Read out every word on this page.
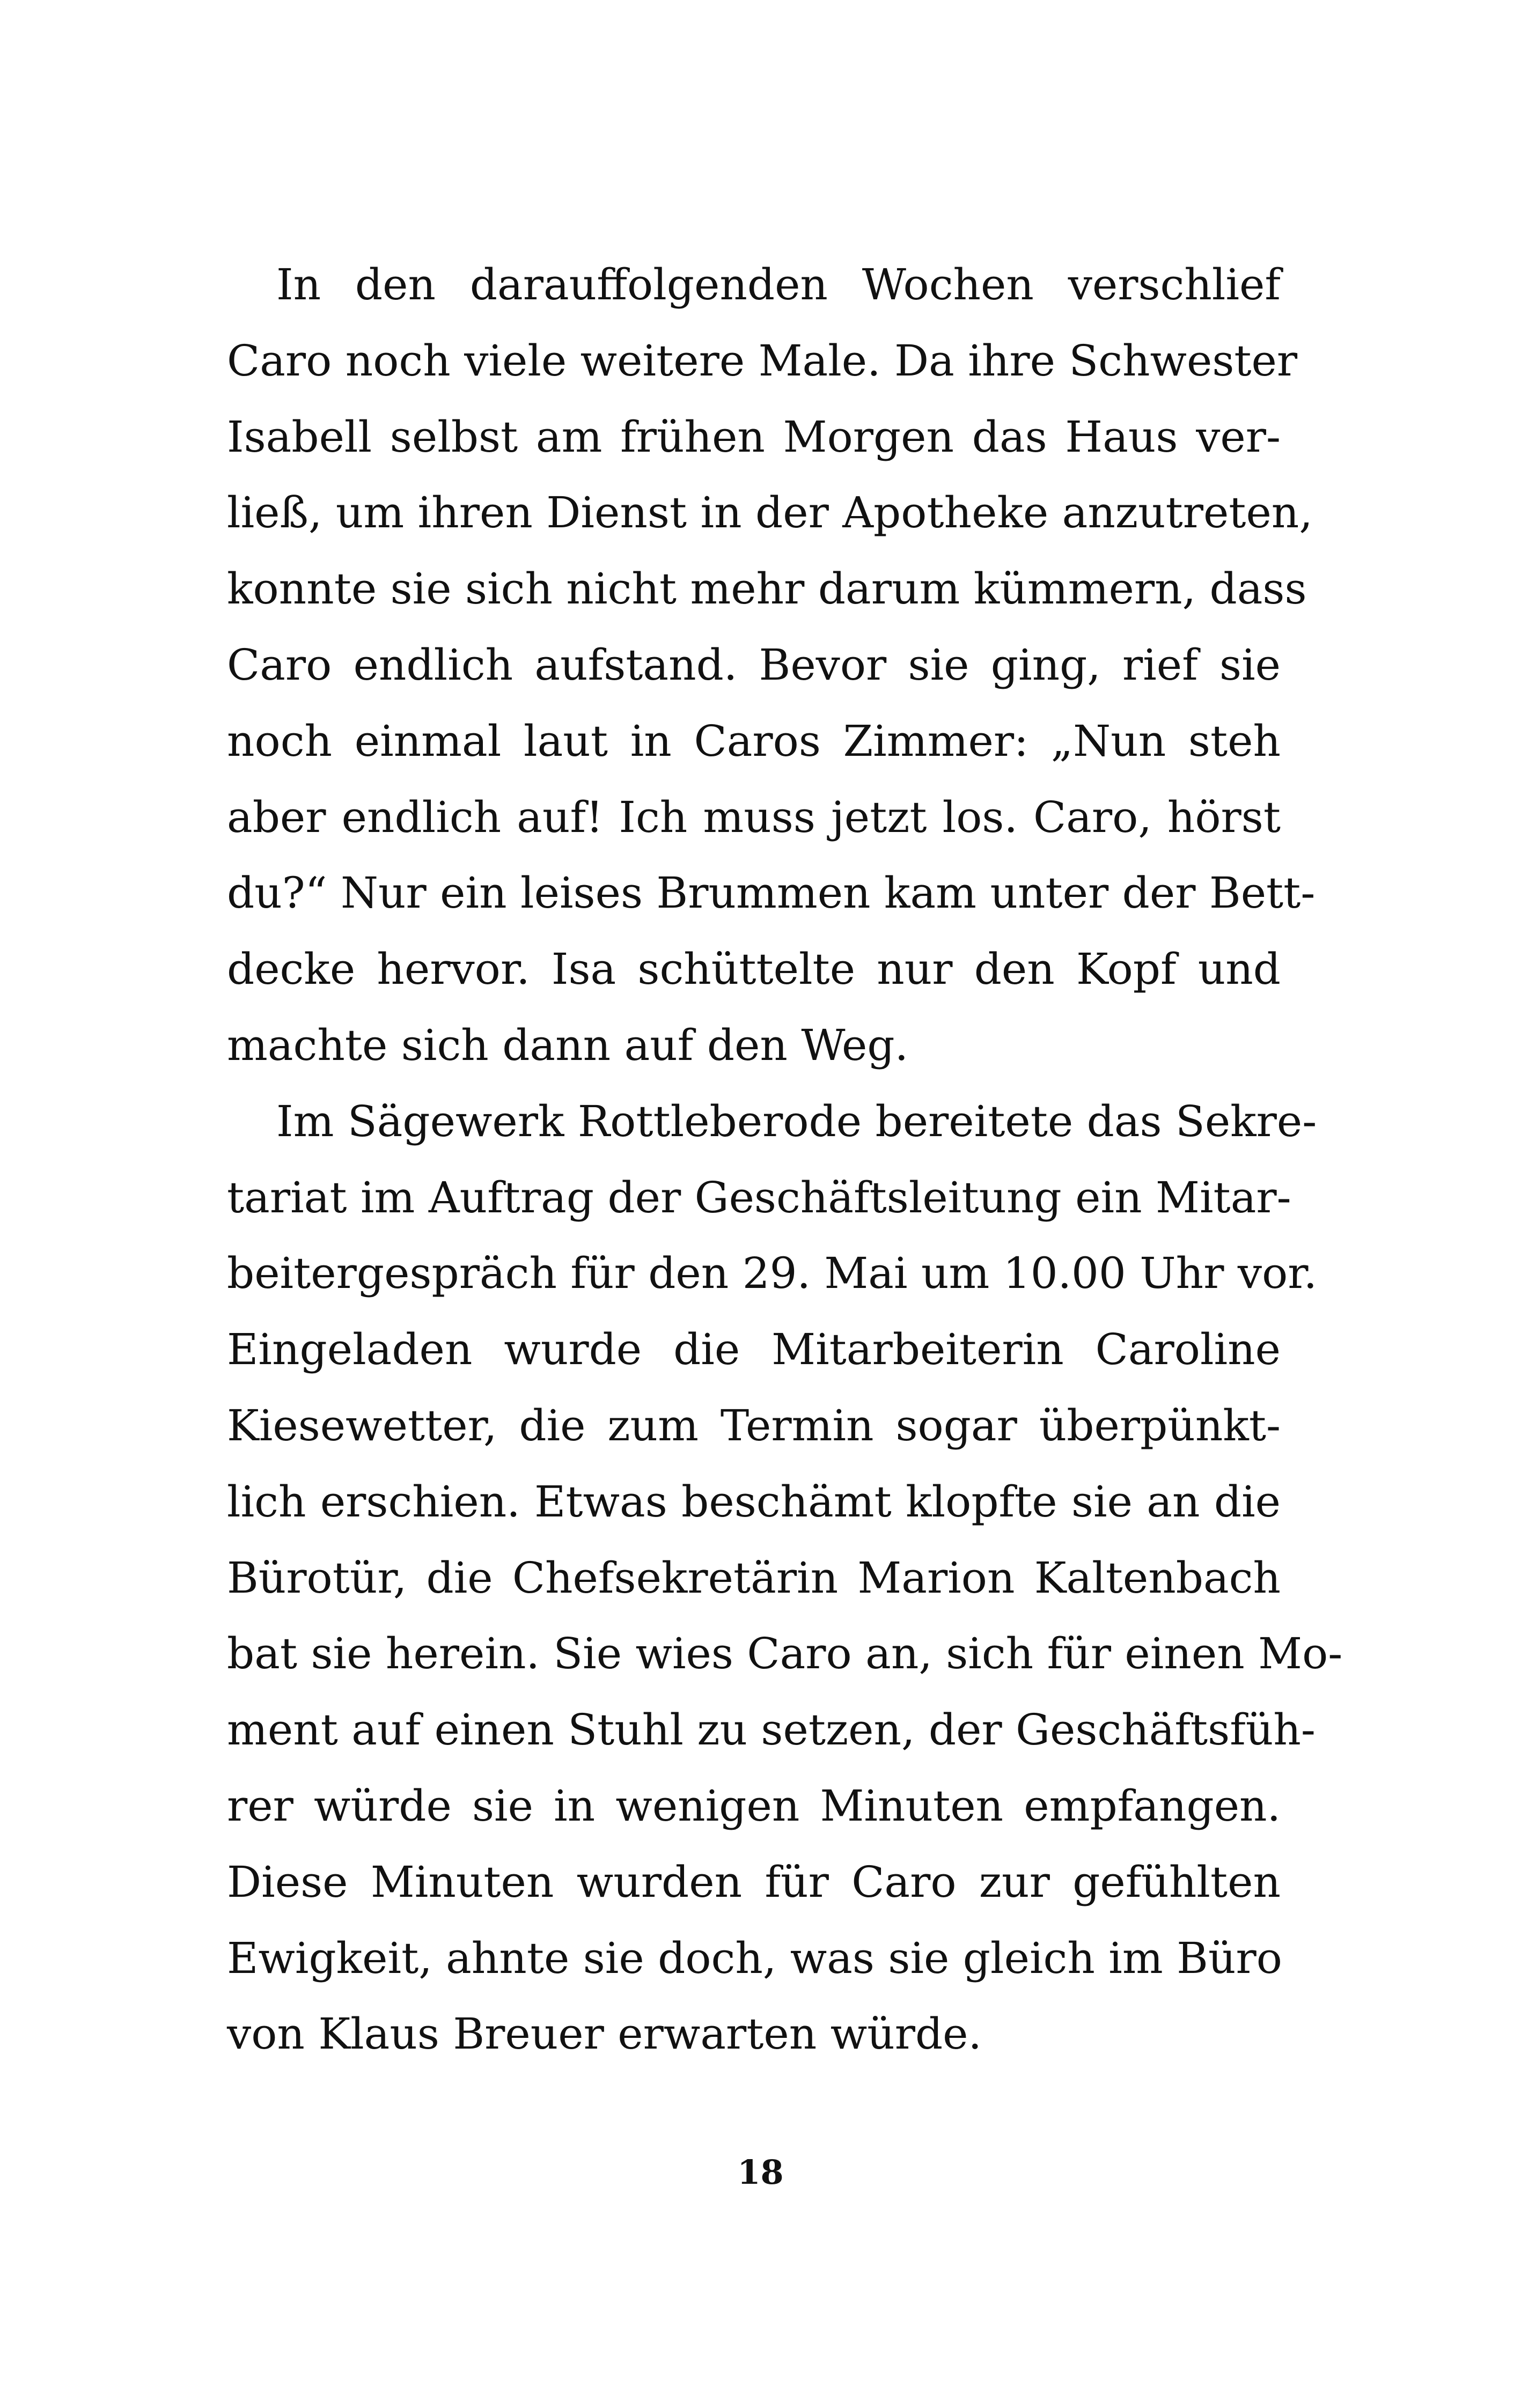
In den darauffolgenden Wochen verschlief
Caro noch viele weitere Male. Da ihre Schwester
Isabell selbst am frühen Morgen das Haus ver-
ließ, um ihren Dienst in der Apotheke anzutreten,
konnte sie sich nicht mehr darum kümmern, dass
Caro endlich aufstand. Bevor sie ging, rief sie
noch einmal laut in Caros Zimmer: „Nun steh
aber endlich auf! Ich muss jetzt los. Caro, hörst
du?“ Nur ein leises Brummen kam unter der Bett-
decke hervor. Isa schüttelte nur den Kopf und
machte sich dann auf den Weg.
Im Sägewerk Rottleberode bereitete das Sekre-
tariat im Auftrag der Geschäftsleitung ein Mitar-
beitergespräch für den 29. Mai um 10.00 Uhr vor.
Eingeladen wurde die Mitarbeiterin Caroline
Kiesewetter, die zum Termin sogar überpünkt-
lich erschien. Etwas beschämt klopfte sie an die
Bürotür, die Chefsekretärin Marion Kaltenbach
bat sie herein. Sie wies Caro an, sich für einen Mo-
ment auf einen Stuhl zu setzen, der Geschäftsfüh-
rer würde sie in wenigen Minuten empfangen.
Diese Minuten wurden für Caro zur gefühlten
Ewigkeit, ahnte sie doch, was sie gleich im Büro
von Klaus Breuer erwarten würde.
18
